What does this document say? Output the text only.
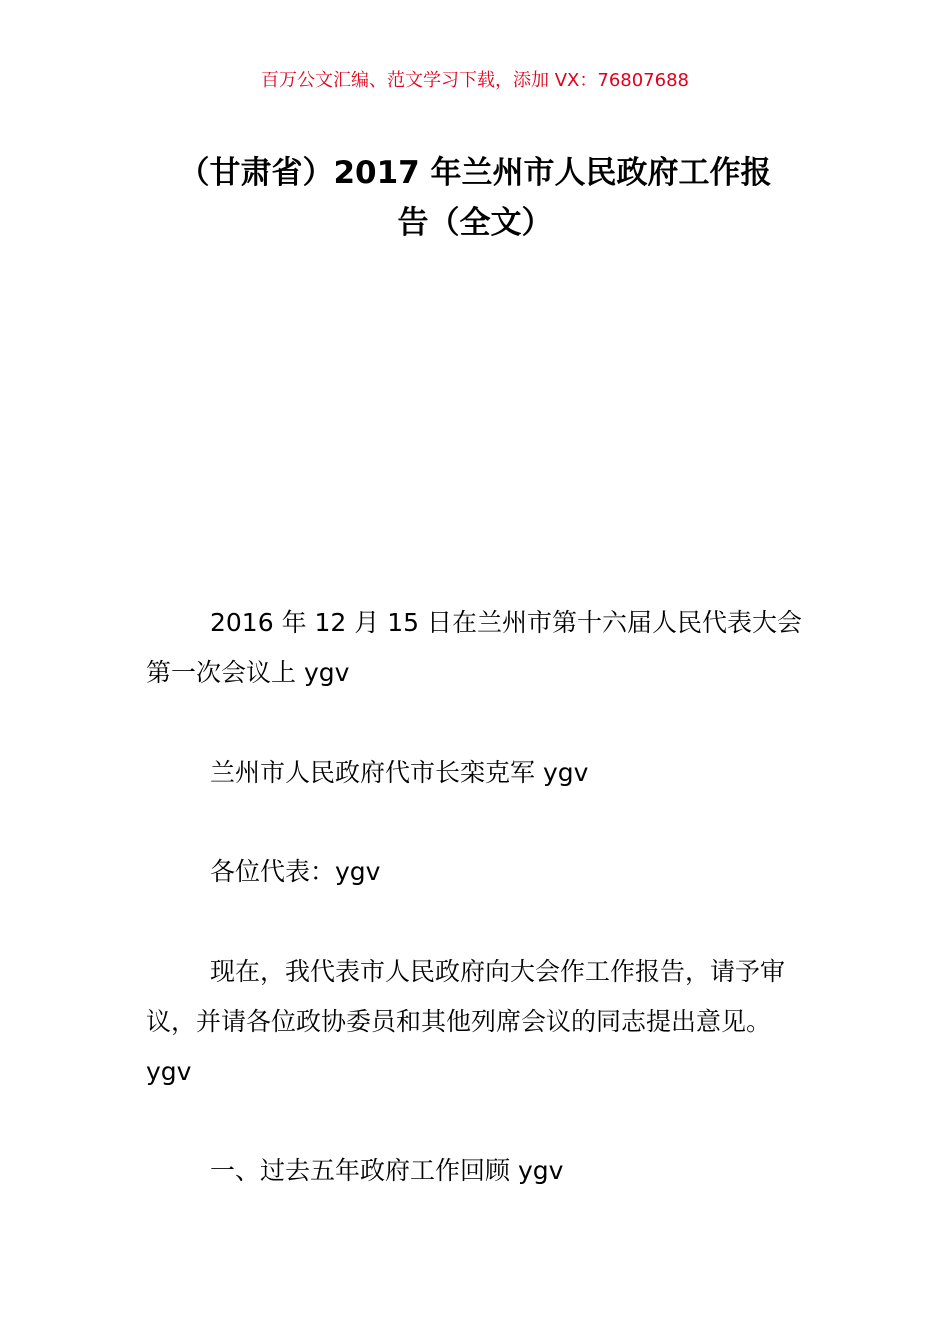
百万公文汇编、范文学习下载，添加 VX：76807688
（甘肃省）2017 年兰州市人民政府工作报
告（全文）

2016 年 12 月 15 日在兰州市第十六届人民代表大会第一次会议上 ygv

兰州市人民政府代市长栾克军 ygv

各位代表：ygv

现在，我代表市人民政府向大会作工作报告，请予审议，并请各位政协委员和其他列席会议的同志提出意见。ygv

一、过去五年政府工作回顾 ygv
